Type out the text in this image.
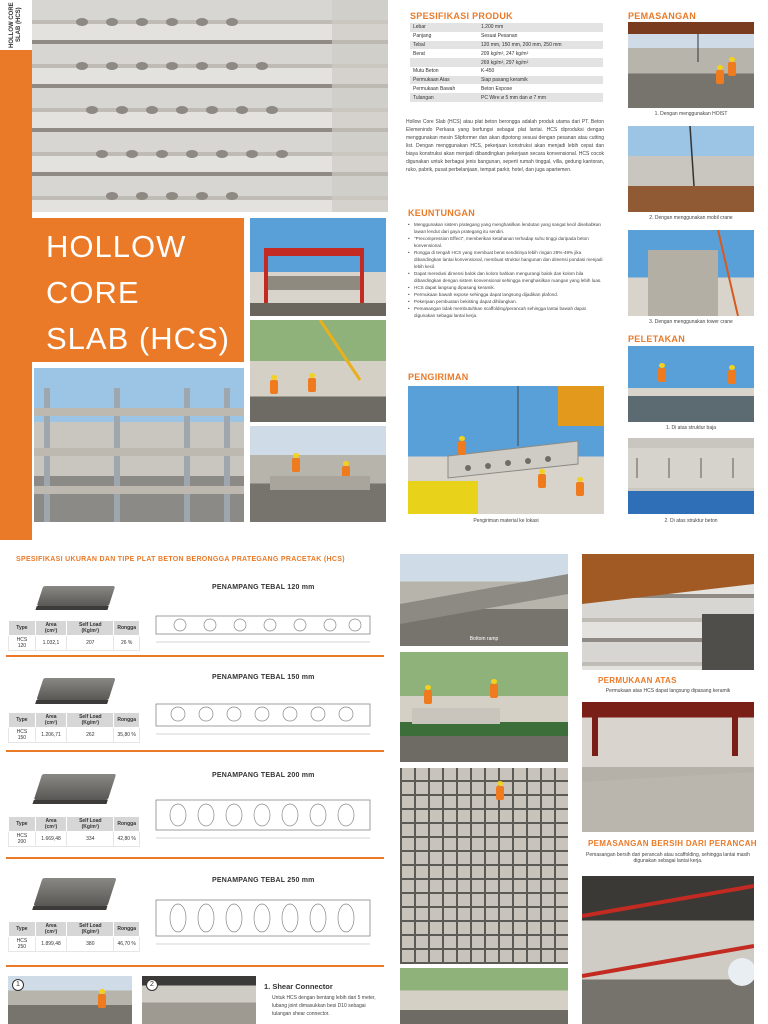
HOLLOW CORE SLAB (HCS)
HOLLOW
CORE
SLAB (HCS)
SPESIFIKASI PRODUK
Lebar	1.200 mm
Panjang	Sesuai Pesanan
Tebal	120 mm, 150 mm, 200 mm, 250 mm
Berat	209 kg/m², 247 kg/m²
	269 kg/m², 297 kg/m²
Mutu Beton	K-450
Permukaan Atas	Siap pasang keramik
Permukaan Bawah	Beton Expose
Tulangan	PC Wire ø 5 mm dan ø 7 mm

Hollow Core Slab (HCS) atau plat beton berongga adalah produk utama dari PT. Beton Elemenindo Perkasa yang berfungsi sebagai plat lantai. HCS diproduksi dengan menggunakan mesin Slipformer dan akan dipotong sesuai dengan pesanan atau cutting list. Dengan menggunakan HCS, pekerjaan konstruksi akan menjadi lebih cepat dan biaya konstruksi akan menjadi dibandingkan pekerjaan secara konvensional. HCS cocok digunakan untuk berbagai jenis bangunan, seperti rumah tinggal, villa, gedung kantoran, ruko, pabrik, pusat perbelanjaan, tempat parkir, hotel, dan juga apartemen.

KEUNTUNGAN
• Menggunakan sistem prategang yang menghasilkan lendutan yang sangat kecil disebabkan lawan lendut dari gaya prategang itu sendiri.
• "Precompression Effect", memberikan ketahanan terhadap suhu tinggi daripada beton konvensional.
• Rongga di tengah HCS yang membuat berat sendirinya lebih ringan 28%-49% jika dibandingkan lantai konvensional, membuat struktur bangunan dan dimensi pondasi menjadi lebih kecil.
• Dapat meredusi dimensi balok dan kolom bahkan mengurangi balok dan kolom bila dibandingkan dengan sistem konvensional sehingga menghasilkan ruangan yang lebih luas.
• HCS dapat langsung dipasang keramik.
• Permukaan bawah expose sehingga dapat langsung dijadikan plafond.
• Pekerjaan pembuatan bekisting dapat dihilangkan.
• Pemasangan tidak membutuhkan scaffolding/perancah sehingga lantai bawah dapat digunakan sebagai lantai kerja.
PENGIRIMAN
Pengiriman material ke lokasi
PEMASANGAN
1. Dengan menggunakan HOIST
2. Dengan menggunakan mobil crane
3. Dengan menggunakan tower crane
PELETAKAN
1. Di atas struktur baja
2. Di atas struktur beton
SPESIFIKASI UKURAN DAN TIPE PLAT BETON BERONGGA PRATEGANG PRACETAK (HCS)
PENAMPANG TEBAL 120 mm
Type	Area (cm²)	Self Load (Kg/m²)	Rongga
HCS 120	1.032,1	207	26 %
PENAMPANG TEBAL 150 mm
Type	Area (cm²)	Self Load (Kg/m²)	Rongga
HCS 150	1.206,71	262	35,80 %
PENAMPANG TEBAL 200 mm
Type	Area (cm²)	Self Load (Kg/m²)	Rongga
HCS 200	1.669,48	334	42,80 %
PENAMPANG TEBAL 250 mm
Type	Area (cm²)	Self Load (Kg/m²)	Rongga
HCS 250	1.899,48	380	46,70 %
1	2	1. Shear Connector
Untuk HCS dengan bentang lebih dari 5 meter, lubang joint dimasukkan besi D10 sebagai tulangan shear connector.
Bottom ramp
PERMUKAAN ATAS
Permukaan atas HCS dapat langsung dipasang keramik
PEMASANGAN BERSIH DARI PERANCAH
Pemasangan bersih dari perancah atau scaffolding, sehingga lantai masih digunakan sebagai lantai kerja.
